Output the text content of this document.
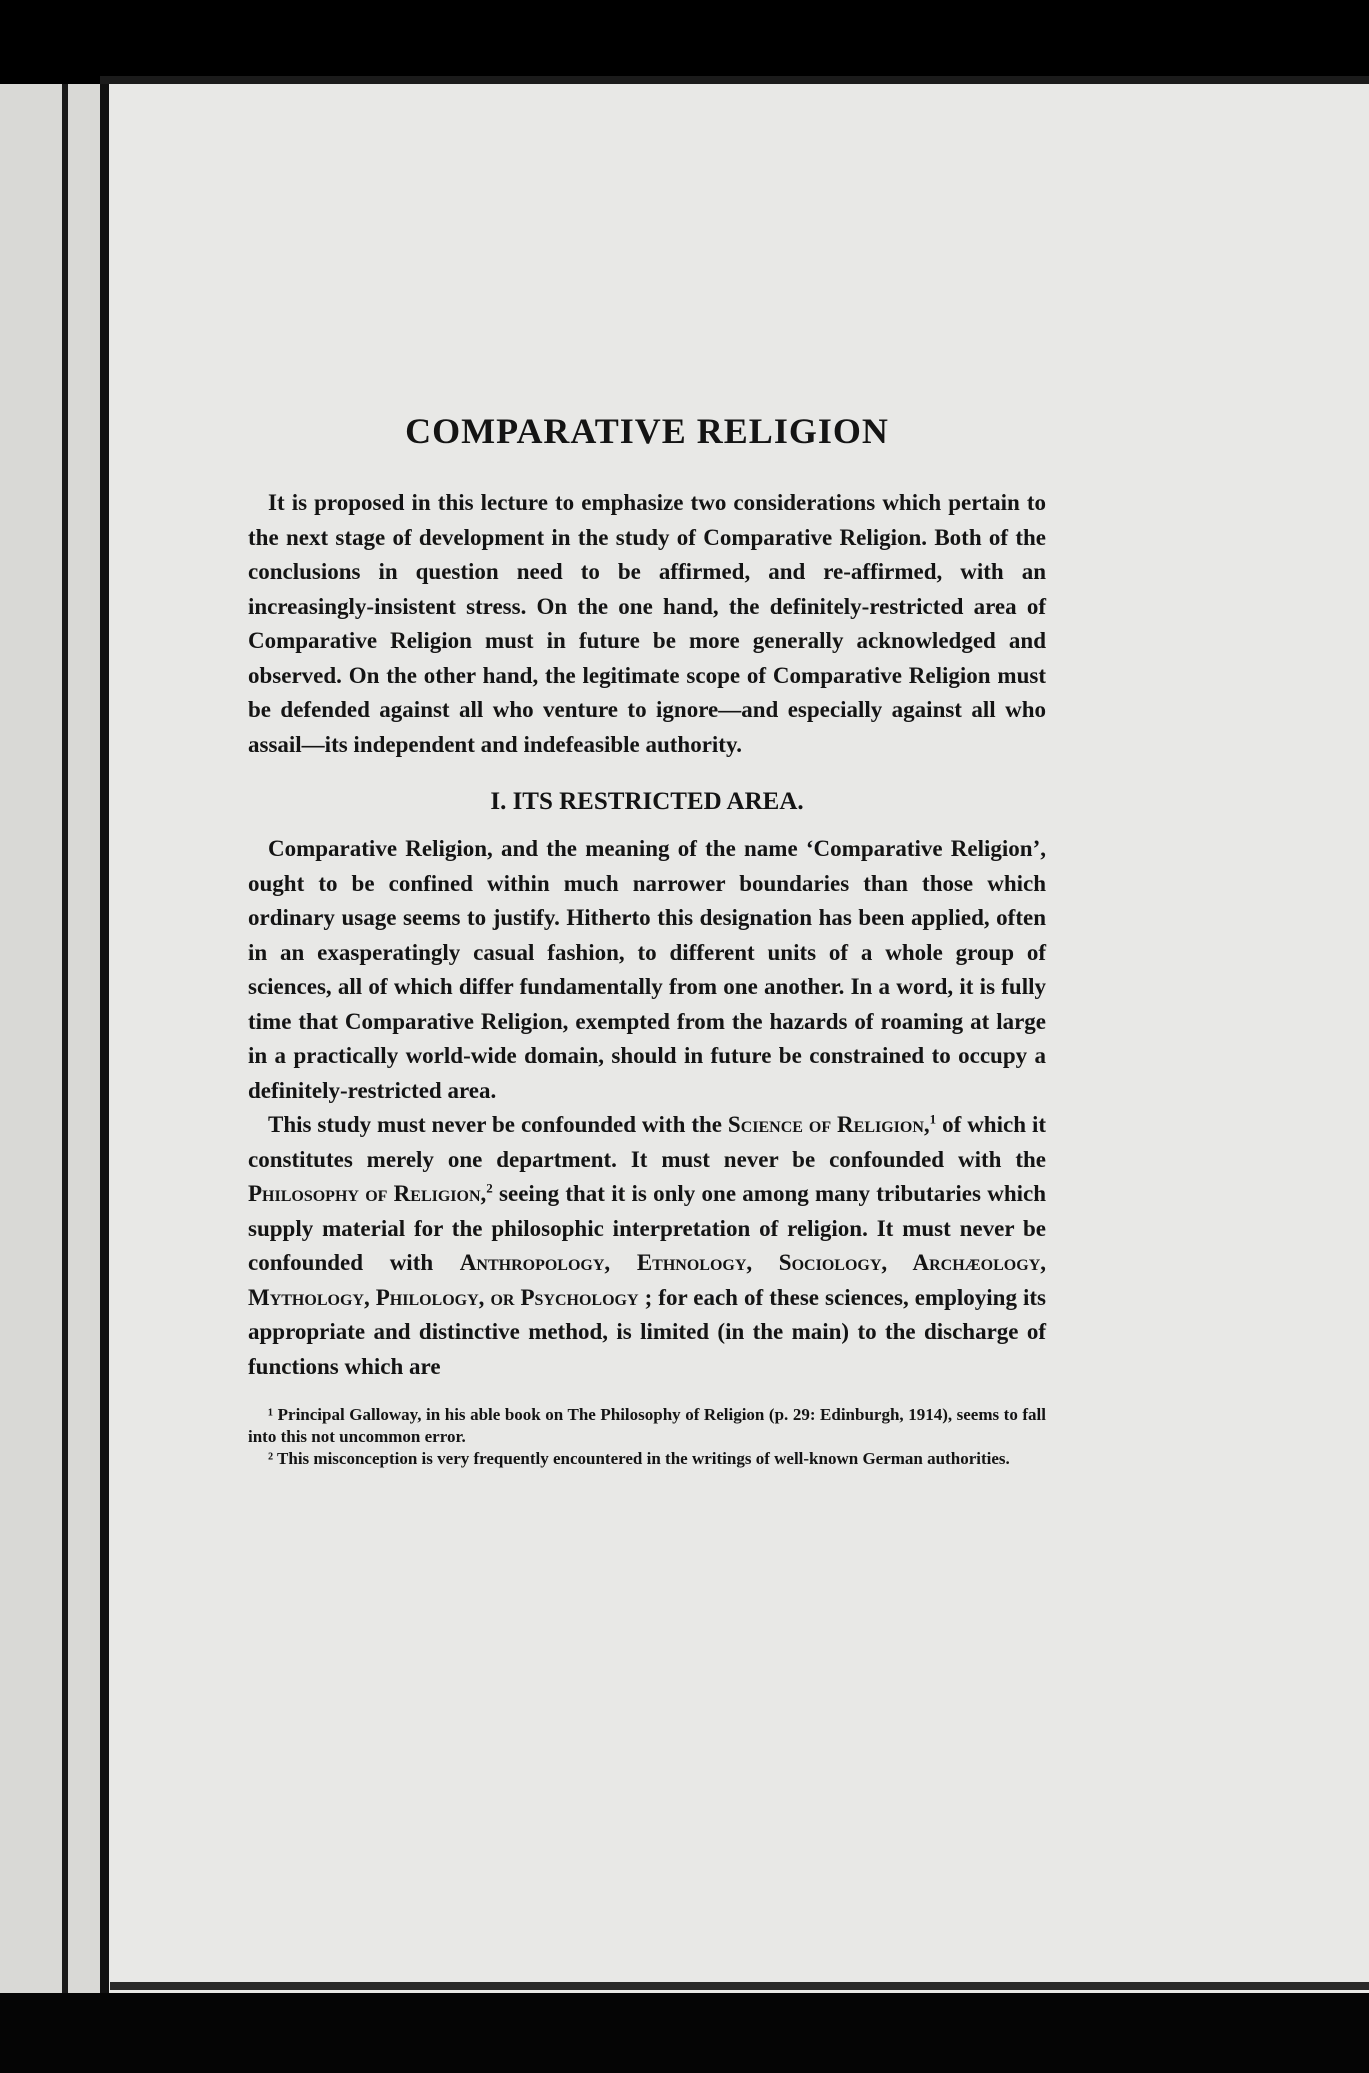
COMPARATIVE RELIGION

It is proposed in this lecture to emphasize two considerations which pertain to the next stage of development in the study of Comparative Religion. Both of the conclusions in question need to be affirmed, and re-affirmed, with an increasingly-insistent stress. On the one hand, the definitely-restricted area of Comparative Religion must in future be more generally acknowledged and observed. On the other hand, the legitimate scope of Comparative Religion must be defended against all who venture to ignore—and especially against all who assail—its independent and indefeasible authority.

I. ITS RESTRICTED AREA.

Comparative Religion, and the meaning of the name ‘Comparative Religion’, ought to be confined within much narrower boundaries than those which ordinary usage seems to justify. Hitherto this designation has been applied, often in an exasperatingly casual fashion, to different units of a whole group of sciences, all of which differ fundamentally from one another. In a word, it is fully time that Comparative Religion, exempted from the hazards of roaming at large in a practically world-wide domain, should in future be constrained to occupy a definitely-restricted area.

This study must never be confounded with the Science of Religion,$^1$ of which it constitutes merely one department. It must never be confounded with the Philosophy of Religion,$^2$ seeing that it is only one among many tributaries which supply material for the philosophic interpretation of religion. It must never be confounded with Anthropology, Ethnology, Sociology, Archæology, Mythology, Philology, or Psychology ; for each of these sciences, employing its appropriate and distinctive method, is limited (in the main) to the discharge of functions which are

¹ Principal Galloway, in his able book on The Philosophy of Religion (p. 29: Edinburgh, 1914), seems to fall into this not uncommon error.

² This misconception is very frequently encountered in the writings of well-known German authorities.
